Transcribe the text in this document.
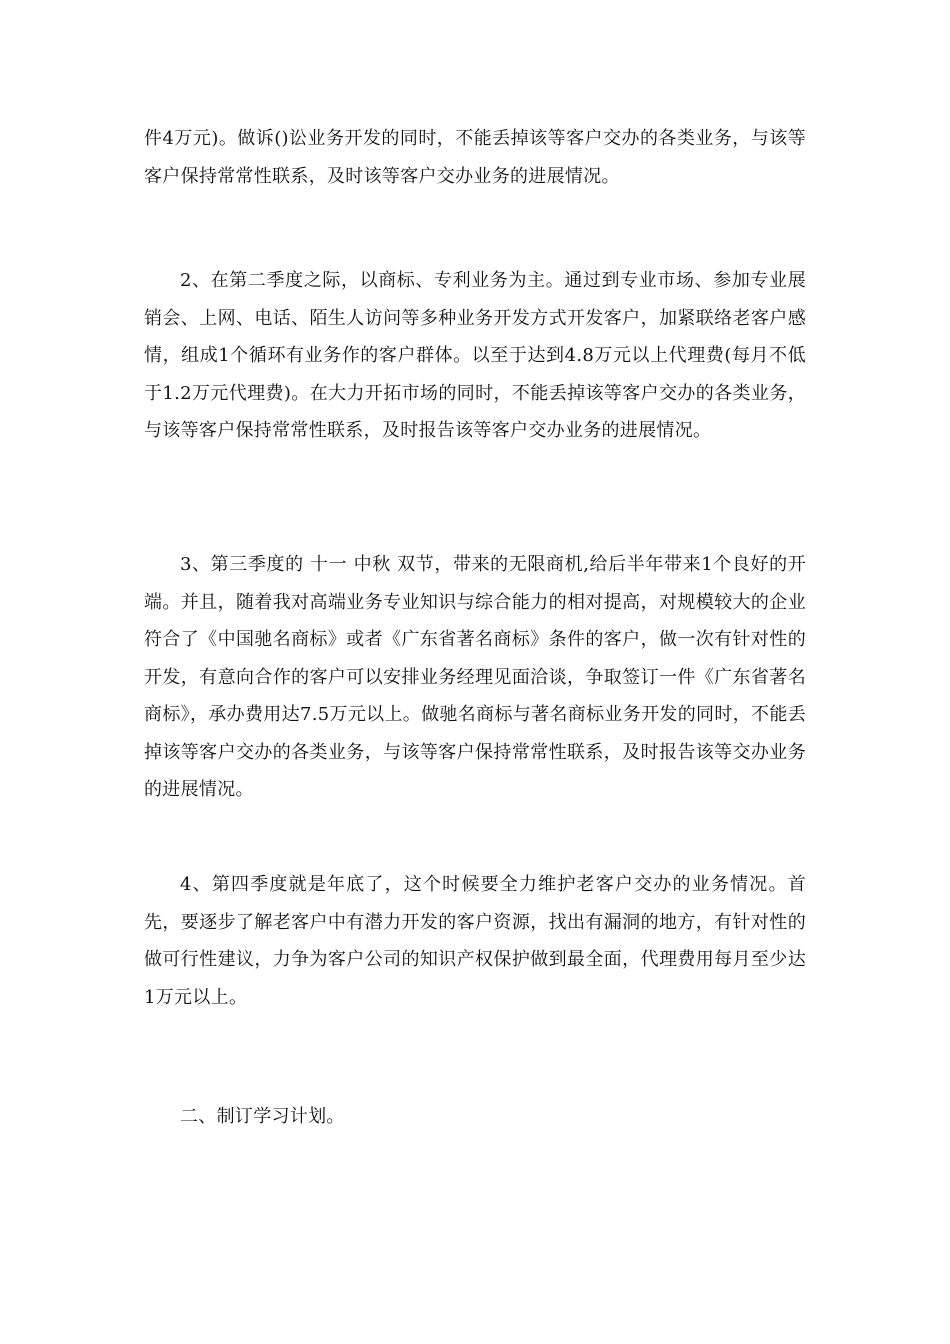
件4万元)。做诉()讼业务开发的同时，不能丢掉该等客户交办的各类业务，与该等客户保持常常性联系，及时该等客户交办业务的进展情况。

2、在第二季度之际，以商标、专利业务为主。通过到专业市场、参加专业展销会、上网、电话、陌生人访问等多种业务开发方式开发客户，加紧联络老客户感情，组成1个循环有业务作的客户群体。以至于达到4.8万元以上代理费(每月不低于1.2万元代理费)。在大力开拓市场的同时，不能丢掉该等客户交办的各类业务，与该等客户保持常常性联系，及时报告该等客户交办业务的进展情况。

3、第三季度的 十一 中秋 双节，带来的无限商机,给后半年带来1个良好的开端。并且，随着我对高端业务专业知识与综合能力的相对提高，对规模较大的企业符合了《中国驰名商标》或者《广东省著名商标》条件的客户，做一次有针对性的开发，有意向合作的客户可以安排业务经理见面洽谈，争取签订一件《广东省著名商标》，承办费用达7.5万元以上。做驰名商标与著名商标业务开发的同时，不能丢掉该等客户交办的各类业务，与该等客户保持常常性联系，及时报告该等交办业务的进展情况。

4、第四季度就是年底了，这个时候要全力维护老客户交办的业务情况。首先，要逐步了解老客户中有潜力开发的客户资源，找出有漏洞的地方，有针对性的做可行性建议，力争为客户公司的知识产权保护做到最全面，代理费用每月至少达1万元以上。

二、制订学习计划。
